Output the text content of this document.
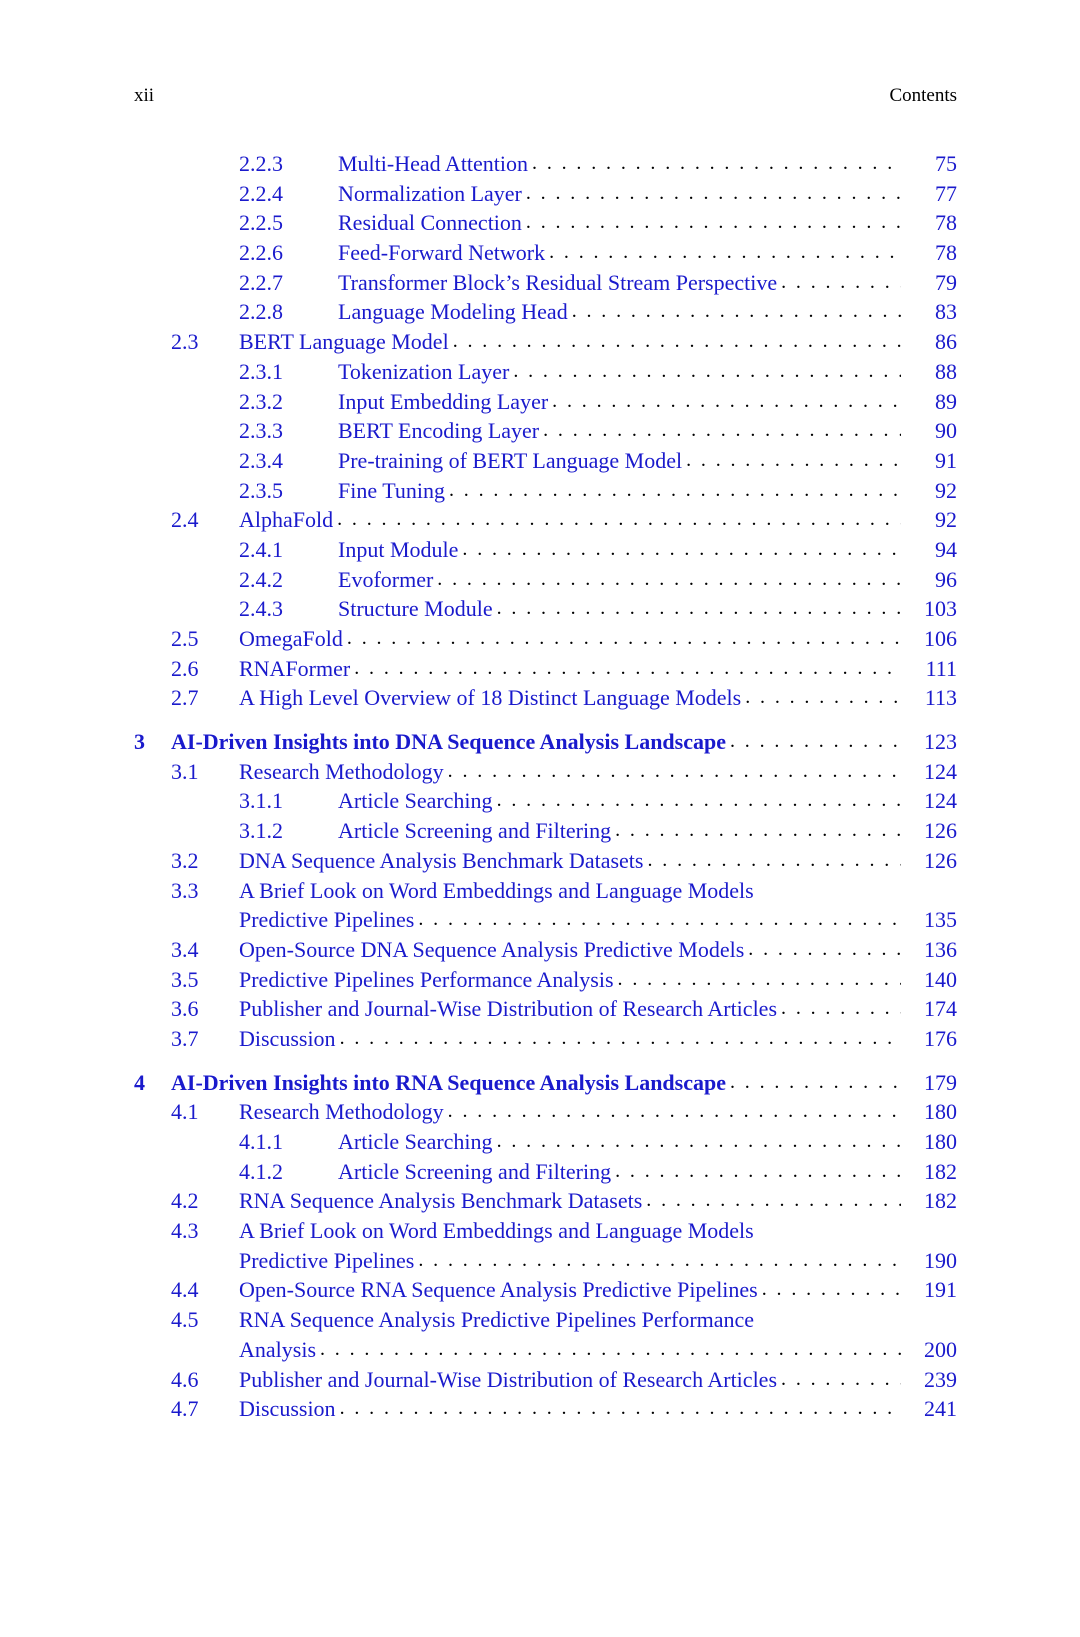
xii	Contents
2.2.3	Multi-Head Attention . . .	75
2.2.4	Normalization Layer . . .	77
2.2.5	Residual Connection . . .	78
2.2.6	Feed-Forward Network . . .	78
2.2.7	Transformer Block’s Residual Stream Perspective . . .	79
2.2.8	Language Modeling Head . . .	83
2.3 BERT Language Model . . .	86
2.3.1	Tokenization Layer . . .	88
2.3.2	Input Embedding Layer . . .	89
2.3.3	BERT Encoding Layer . . .	90
2.3.4	Pre-training of BERT Language Model . . .	91
2.3.5	Fine Tuning . . .	92
2.4 AlphaFold . . .	92
2.4.1	Input Module . . .	94
2.4.2	Evoformer . . .	96
2.4.3	Structure Module . . .	103
2.5 OmegaFold . . .	106
2.6 RNAFormer . . .	111
2.7 A High Level Overview of 18 Distinct Language Models . . .	113
3 AI-Driven Insights into DNA Sequence Analysis Landscape . . .	123
3.1 Research Methodology . . .	124
3.1.1	Article Searching . . .	124
3.1.2	Article Screening and Filtering . . .	126
3.2 DNA Sequence Analysis Benchmark Datasets . . .	126
3.3 A Brief Look on Word Embeddings and Language Models
Predictive Pipelines . . .	135
3.4 Open-Source DNA Sequence Analysis Predictive Models . . .	136
3.5 Predictive Pipelines Performance Analysis . . .	140
3.6 Publisher and Journal-Wise Distribution of Research Articles . . .	174
3.7 Discussion . . .	176
4 AI-Driven Insights into RNA Sequence Analysis Landscape . . .	179
4.1 Research Methodology . . .	180
4.1.1	Article Searching . . .	180
4.1.2	Article Screening and Filtering . . .	182
4.2 RNA Sequence Analysis Benchmark Datasets . . .	182
4.3 A Brief Look on Word Embeddings and Language Models
Predictive Pipelines . . .	190
4.4 Open-Source RNA Sequence Analysis Predictive Pipelines . . .	191
4.5 RNA Sequence Analysis Predictive Pipelines Performance
Analysis . . .	200
4.6 Publisher and Journal-Wise Distribution of Research Articles . . .	239
4.7 Discussion . . .	241
